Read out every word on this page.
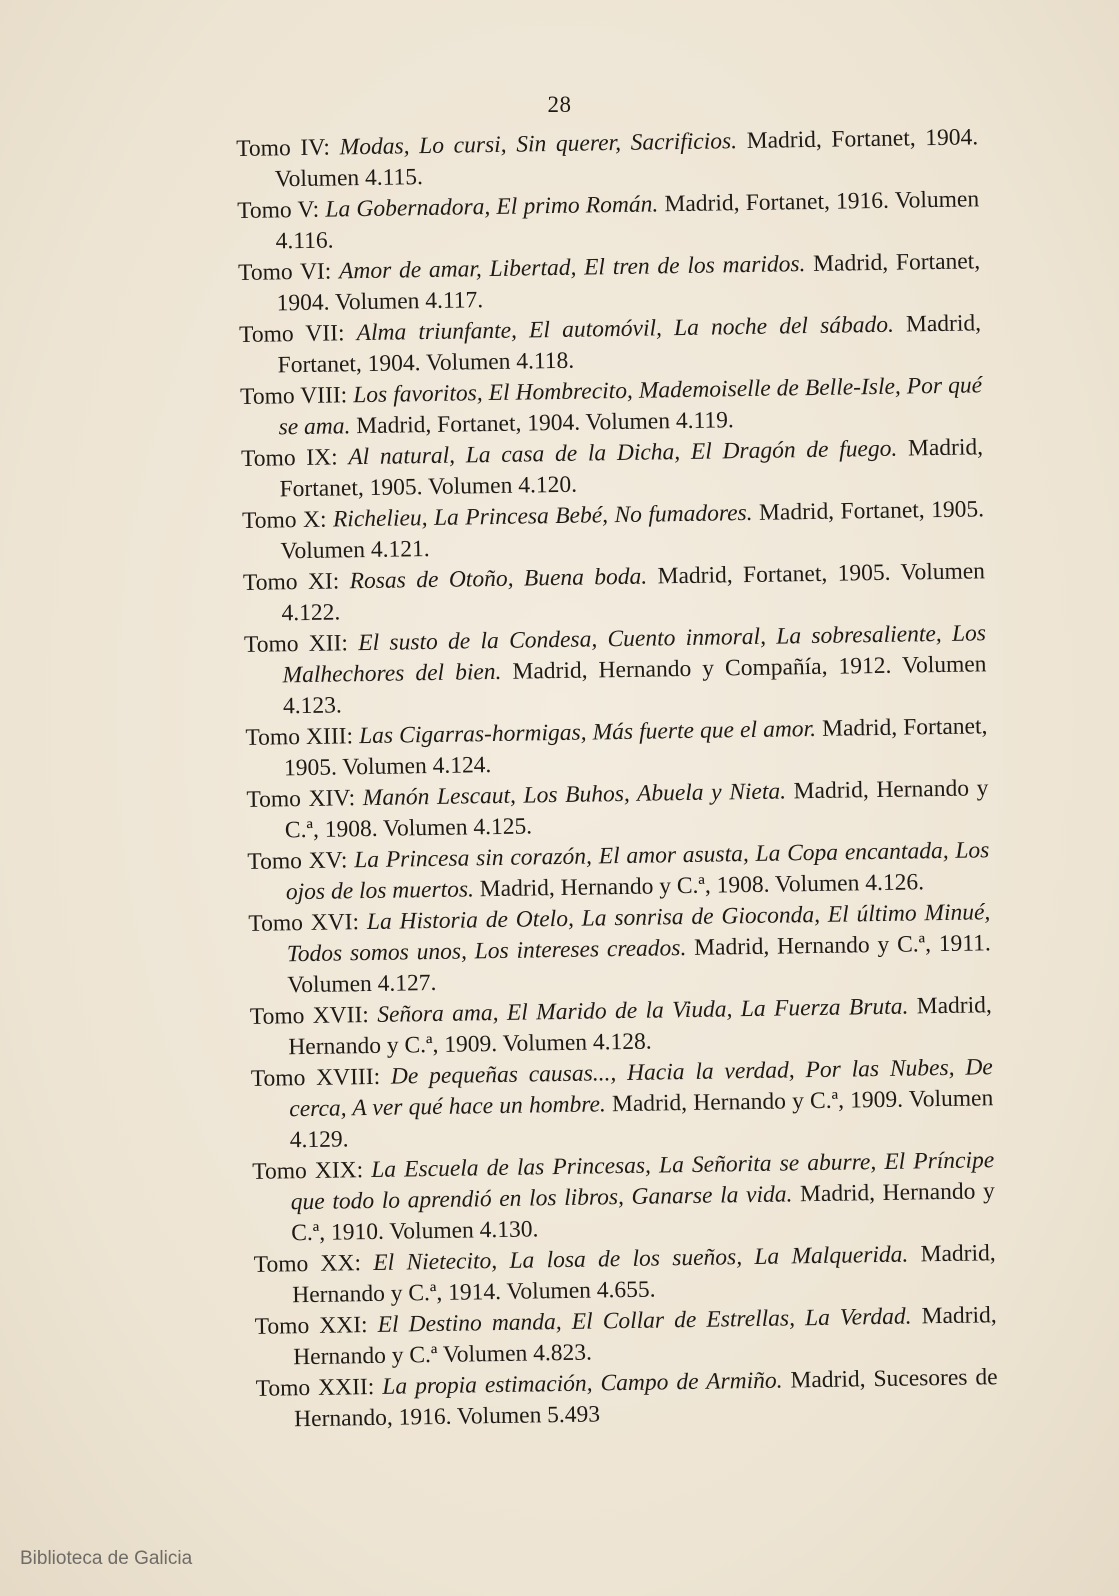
28

Tomo IV: Modas, Lo cursi, Sin querer, Sacrificios. Madrid, Fortanet, 1904. Volumen 4.115.

Tomo V: La Gobernadora, El primo Román. Madrid, Fortanet, 1916. Volumen 4.116.

Tomo VI: Amor de amar, Libertad, El tren de los maridos. Madrid, Fortanet, 1904. Volumen 4.117.

Tomo VII: Alma triunfante, El automóvil, La noche del sábado. Madrid, Fortanet, 1904. Volumen 4.118.

Tomo VIII: Los favoritos, El Hombrecito, Mademoiselle de Belle-Isle, Por qué se ama. Madrid, Fortanet, 1904. Volumen 4.119.

Tomo IX: Al natural, La casa de la Dicha, El Dragón de fuego. Madrid, Fortanet, 1905. Volumen 4.120.

Tomo X: Richelieu, La Princesa Bebé, No fumadores. Madrid, Fortanet, 1905. Volumen 4.121.

Tomo XI: Rosas de Otoño, Buena boda. Madrid, Fortanet, 1905. Volumen 4.122.

Tomo XII: El susto de la Condesa, Cuento inmoral, La sobresaliente, Los Malhechores del bien. Madrid, Hernando y Compañía, 1912. Volumen 4.123.

Tomo XIII: Las Cigarras-hormigas, Más fuerte que el amor. Madrid, Fortanet, 1905. Volumen 4.124.

Tomo XIV: Manón Lescaut, Los Buhos, Abuela y Nieta. Madrid, Hernando y C.ª, 1908. Volumen 4.125.

Tomo XV: La Princesa sin corazón, El amor asusta, La Copa encantada, Los ojos de los muertos. Madrid, Hernando y C.ª, 1908. Volumen 4.126.

Tomo XVI: La Historia de Otelo, La sonrisa de Gioconda, El último Minué, Todos somos unos, Los intereses creados. Madrid, Hernando y C.ª, 1911. Volumen 4.127.

Tomo XVII: Señora ama, El Marido de la Viuda, La Fuerza Bruta. Madrid, Hernando y C.ª, 1909. Volumen 4.128.

Tomo XVIII: De pequeñas causas..., Hacia la verdad, Por las Nubes, De cerca, A ver qué hace un hombre. Madrid, Hernando y C.ª, 1909. Volumen 4.129.

Tomo XIX: La Escuela de las Princesas, La Señorita se aburre, El Príncipe que todo lo aprendió en los libros, Ganarse la vida. Madrid, Hernando y C.ª, 1910. Volumen 4.130.

Tomo XX: El Nietecito, La losa de los sueños, La Malquerida. Madrid, Hernando y C.ª, 1914. Volumen 4.655.

Tomo XXI: El Destino manda, El Collar de Estrellas, La Verdad. Madrid, Hernando y C.ª Volumen 4.823.

Tomo XXII: La propia estimación, Campo de Armiño. Madrid, Sucesores de Hernando, 1916. Volumen 5.493

Biblioteca de Galicia
